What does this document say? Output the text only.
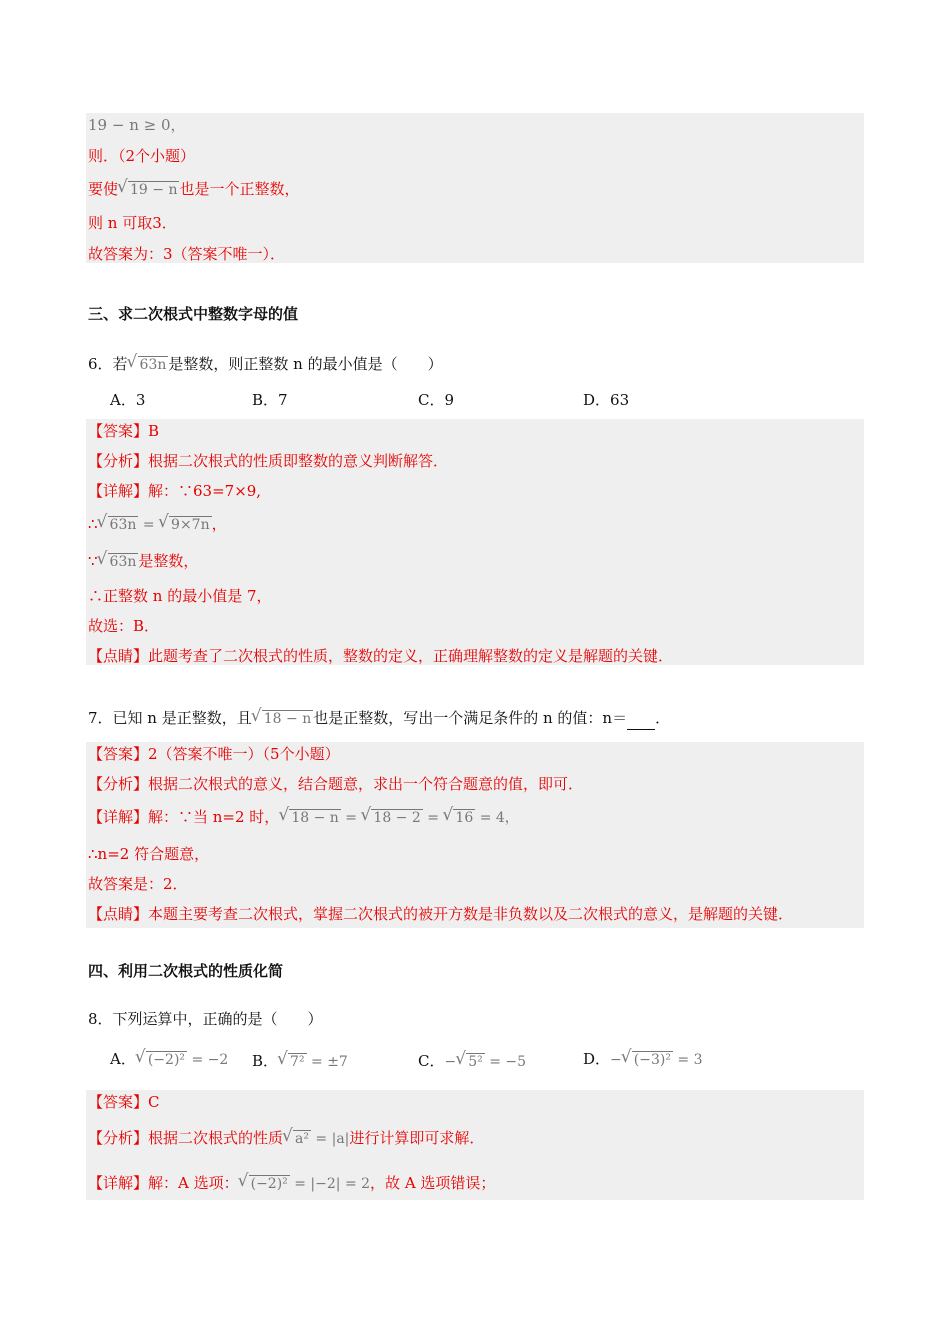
19 − n ≥ 0，
则．（2个小题）
要使 √ 19 − n 也是一个正整数，
则 n 可取3．
故答案为：3（答案不唯一）．
三、求二次根式中整数字母的值
6．若 √ 63n 是整数，则正整数 n 的最小值是（　　）
A．3	B．7	C．9	D．63
【答案】B
【分析】根据二次根式的性质即整数的意义判断解答．
【详解】解：∵63=7×9,
∴ √ 63n = √ 9×7n ，
∵ √ 63n 是整数，
∴正整数 n 的最小值是 7，
故选：B．
【点睛】此题考查了二次根式的性质，整数的定义，正确理解整数的定义是解题的关键．
7．已知 n 是正整数，且 √ 18 − n 也是正整数，写出一个满足条件的 n 的值：n＝ ．
【答案】2（答案不唯一）（5个小题）
【分析】根据二次根式的意义，结合题意，求出一个符合题意的值，即可．
【详解】解：∵当 n=2 时， √ 18 − n = √ 18 − 2 = √ 16 = 4，
∴n=2 符合题意，
故答案是：2．
【点睛】本题主要考查二次根式，掌握二次根式的被开方数是非负数以及二次根式的意义，是解题的关键．
四、利用二次根式的性质化简
8．下列运算中，正确的是（　　）
A． √ (−2)² = −2 B． √ 7² = ±7	C．− √ 5² = −5	D．− √ (−3)² = 3
【答案】C
【分析】根据二次根式的性质 √ a² = |a|进行计算即可求解．
【详解】解：A 选项： √ (−2)² = |−2| = 2，故 A 选项错误；
